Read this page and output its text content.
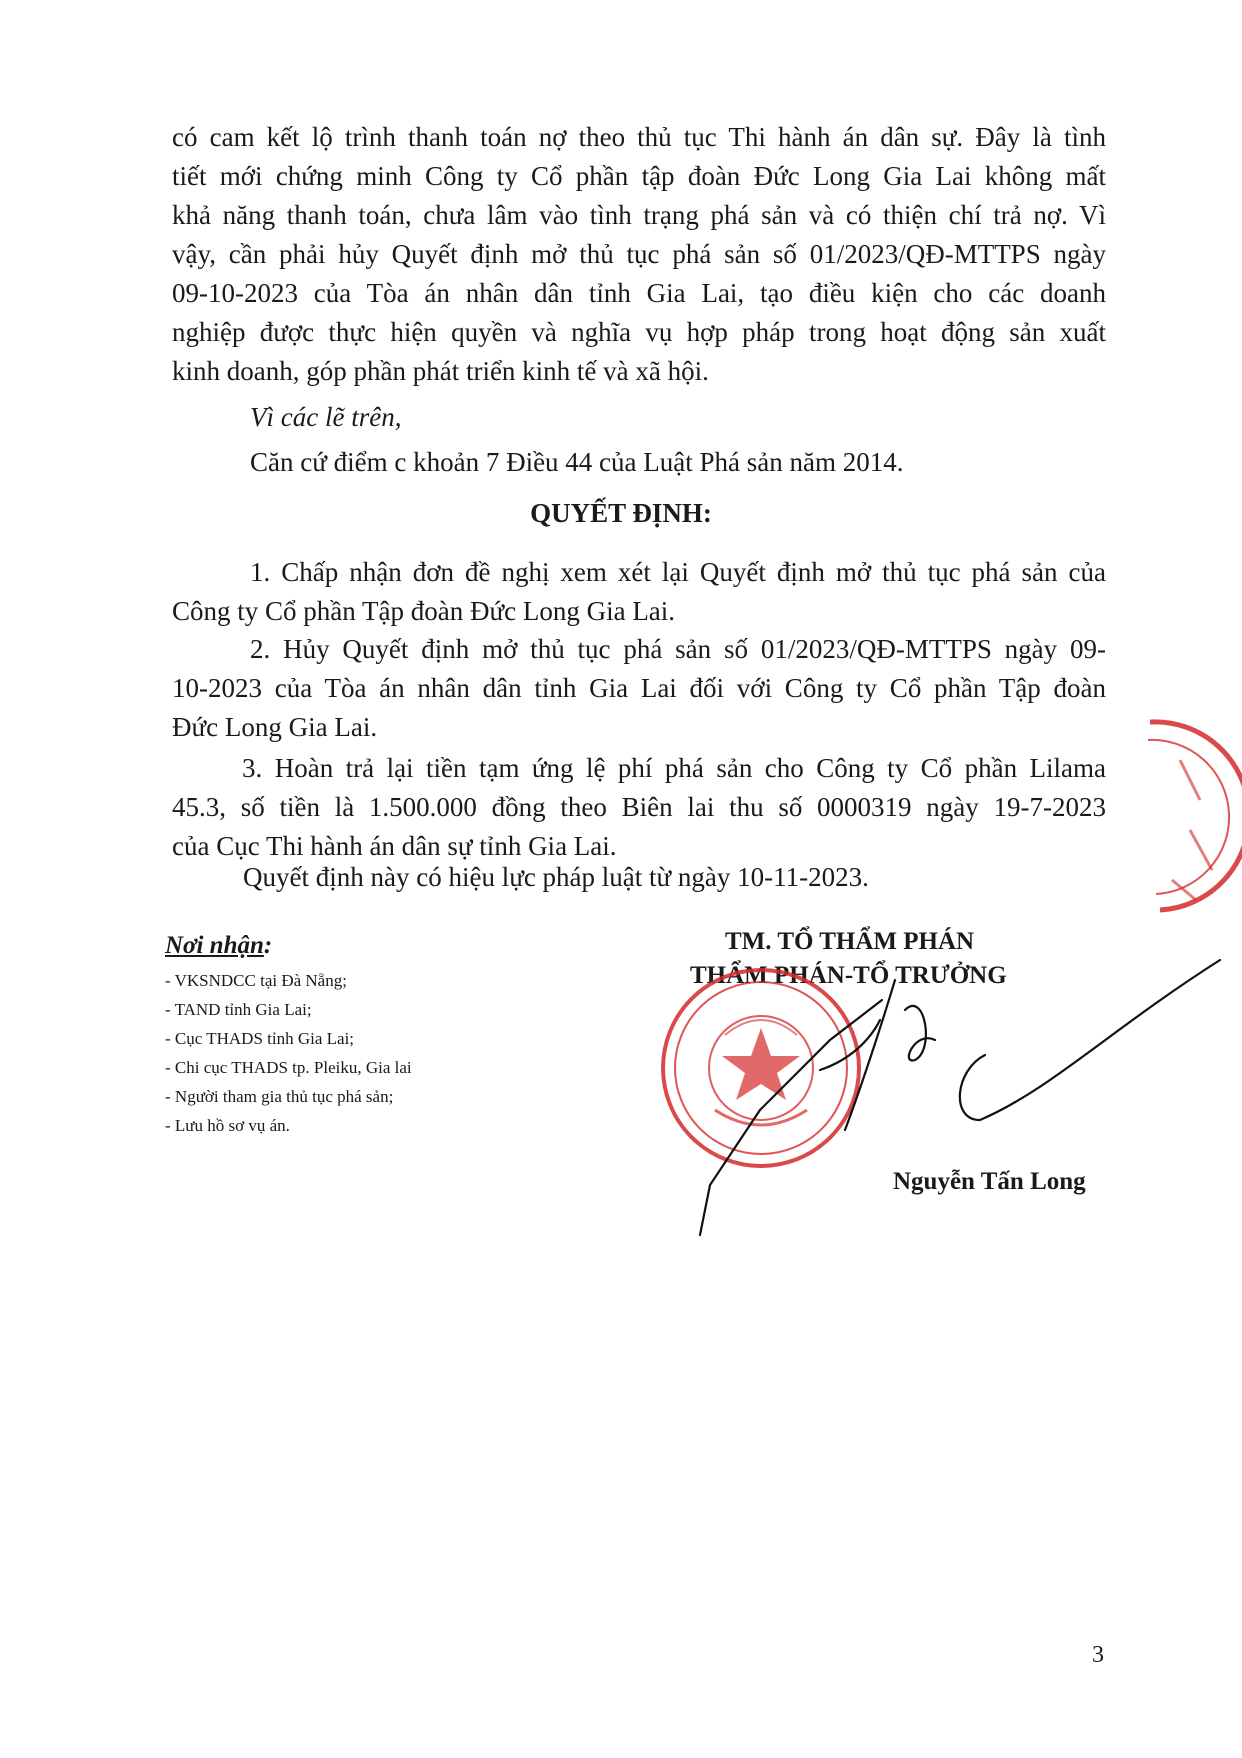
có cam kết lộ trình thanh toán nợ theo thủ tục Thi hành án dân sự. Đây là tình
tiết mới chứng minh Công ty Cổ phần tập đoàn Đức Long Gia Lai không mất
khả năng thanh toán, chưa lâm vào tình trạng phá sản và có thiện chí trả nợ. Vì
vậy, cần phải hủy Quyết định mở thủ tục phá sản số 01/2023/QĐ-MTTPS ngày
09-10-2023 của Tòa án nhân dân tỉnh Gia Lai, tạo điều kiện cho các doanh
nghiệp được thực hiện quyền và nghĩa vụ hợp pháp trong hoạt động sản xuất
kinh doanh, góp phần phát triển kinh tế và xã hội.
Vì các lẽ trên,
Căn cứ điểm c khoản 7 Điều 44 của Luật Phá sản năm 2014.
QUYẾT ĐỊNH:
1. Chấp nhận đơn đề nghị xem xét lại Quyết định mở thủ tục phá sản của
Công ty Cổ phần Tập đoàn Đức Long Gia Lai.
2. Hủy Quyết định mở thủ tục phá sản số 01/2023/QĐ-MTTPS ngày 09-
10-2023 của Tòa án nhân dân tỉnh Gia Lai đối với Công ty Cổ phần Tập đoàn
Đức Long Gia Lai.
3. Hoàn trả lại tiền tạm ứng lệ phí phá sản cho Công ty Cổ phần Lilama
45.3, số tiền là 1.500.000 đồng theo Biên lai thu số 0000319 ngày 19-7-2023
của Cục Thi hành án dân sự tỉnh Gia Lai.
Quyết định này có hiệu lực pháp luật từ ngày 10-11-2023.

Nơi nhận:

- VKSNDCC tại Đà Nẵng;
- TAND tỉnh Gia Lai;
- Cục THADS tỉnh Gia Lai;
- Chi cục THADS tp. Pleiku, Gia lai
- Người tham gia thủ tục phá sản;
- Lưu hồ sơ vụ án.
TM. TỔ THẨM PHÁN
THẨM PHÁN-TỔ TRƯỞNG
Nguyễn Tấn Long
3
